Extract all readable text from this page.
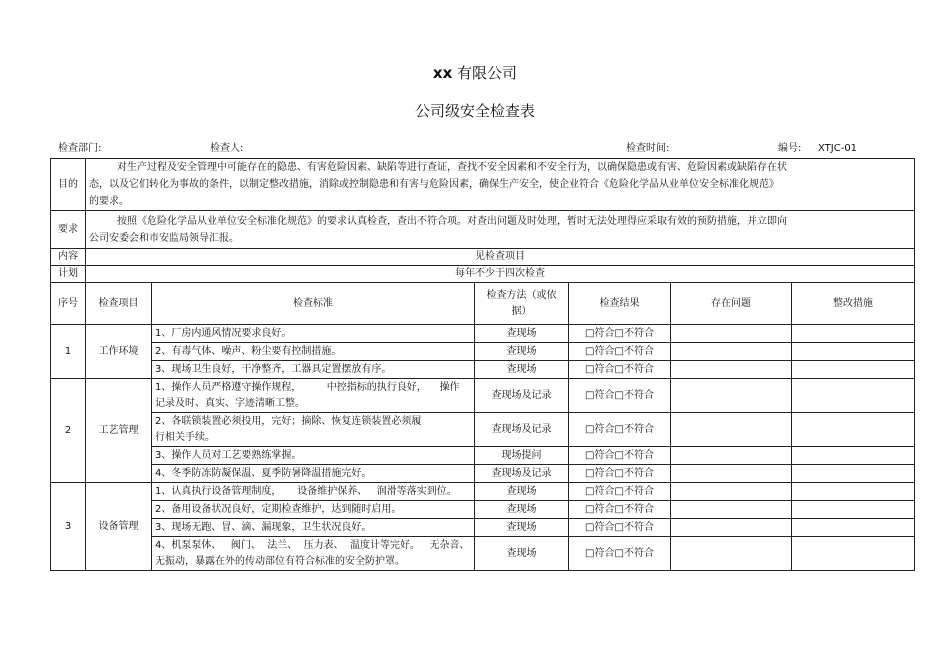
xx 有限公司
公司级安全检查表
检查部门:	检查人:	检查时间:	编号: XTJC-01
目的	对生产过程及安全管理中可能存在的隐患、有害危险因素、缺陷等进行查证，查找不安全因素和不安全行为，以确保隐患或有害、危险因素或缺陷存在状
态，以及它们转化为事故的条件，以制定整改措施，消除或控制隐患和有害与危险因素，确保生产安全，使企业符合《危险化学品从业单位安全标准化规范》
的要求。					

要求	按照《危险化学品从业单位安全标准化规范》的要求认真检查，查出不符合项。对查出问题及时处理，暂时无法处理得应采取有效的预防措施，并立即向
公司安委会和市安监局领导汇报。					

内容	见检查项目					
计划	每年不少于四次检查					
序号	检查项目	检查标准	检查方法（或依
据）	检查结果	存在问题	整改措施
1	工作环境	1、厂房内通风情况要求良好。	查现场	□符合□不符合		

		2、有毒气体、噪声、粉尘要有控制措施。	查现场	□符合□不符合		

		3、现场卫生良好，干净整齐，工器具定置摆放有序。	查现场	□符合□不符合		
2	工艺管理	1、操作人员严格遵守操作规程，        中控指标的执行良好，    操作
记录及时、真实、字迹清晰工整。	查现场及记录	□符合□不符合		

		2、各联锁装置必须投用，完好；摘除、恢复连锁装置必须履
行相关手续。	查现场及记录	□符合□不符合		

		3、操作人员对工艺要熟练掌握。	现场提问	□符合□不符合		

		4、冬季防冻防凝保温、夏季防暑降温措施完好。	查现场及记录	□符合□不符合		
3	设备管理	1、认真执行设备管理制度，     设备维护保养、   润滑等落实到位。	查现场	□符合□不符合		

		2、备用设备状况良好，定期检查维护，达到随时启用。	查现场	□符合□不符合		

		3、现场无跑、冒、滴、漏现象，卫生状况良好。	查现场	□符合□不符合		

		4、机泵泵体、   阀门、  法兰、  压力表、  温度计等完好。   无杂音、
无振动，暴露在外的传动部位有符合标准的安全防护罩。	查现场	□符合□不符合		
